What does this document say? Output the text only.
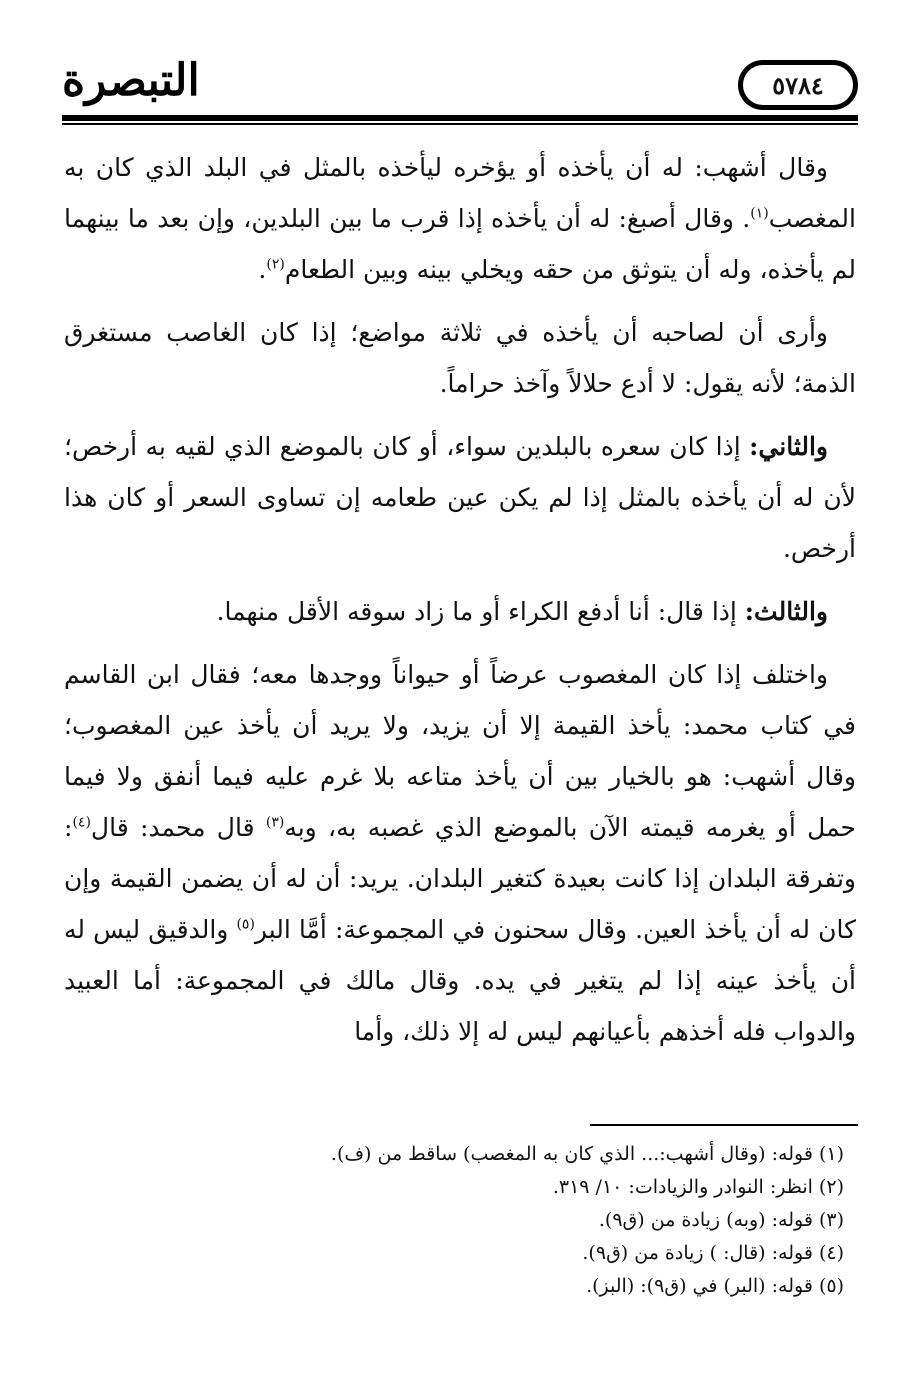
التبصرة	٥٧٨٤

وقال أشهب: له أن يأخذه أو يؤخره ليأخذه بالمثل في البلد الذي كان به المغصب$^{(١)}$. وقال أصبغ: له أن يأخذه إذا قرب ما بين البلدين، وإن بعد ما بينهما لم يأخذه، وله أن يتوثق من حقه ويخلي بينه وبين الطعام$^{(٢)}$.

وأرى أن لصاحبه أن يأخذه في ثلاثة مواضع؛ إذا كان الغاصب مستغرق الذمة؛ لأنه يقول: لا أدع حلالاً وآخذ حراماً.

والثاني: إذا كان سعره بالبلدين سواء، أو كان بالموضع الذي لقيه به أرخص؛ لأن له أن يأخذه بالمثل إذا لم يكن عين طعامه إن تساوى السعر أو كان هذا أرخص.

والثالث: إذا قال: أنا أدفع الكراء أو ما زاد سوقه الأقل منهما.

واختلف إذا كان المغصوب عرضاً أو حيواناً ووجدها معه؛ فقال ابن القاسم في كتاب محمد: يأخذ القيمة إلا أن يزيد، ولا يريد أن يأخذ عين المغصوب؛ وقال أشهب: هو بالخيار بين أن يأخذ متاعه بلا غرم عليه فيما أنفق ولا فيما حمل أو يغرمه قيمته الآن بالموضع الذي غصبه به، وبه$^{(٣)}$ قال محمد: قال$^{(٤)}$: وتفرقة البلدان إذا كانت بعيدة كتغير البلدان. يريد: أن له أن يضمن القيمة وإن كان له أن يأخذ العين. وقال سحنون في المجموعة: أمَّا البر$^{(٥)}$ والدقيق ليس له أن يأخذ عينه إذا لم يتغير في يده. وقال مالك في المجموعة: أما العبيد والدواب فله أخذهم بأعيانهم ليس له إلا ذلك، وأما

(١) قوله: (وقال أشهب:... الذي كان به المغصب) ساقط من (ف).

(٢) انظر: النوادر والزيادات: ١٠/ ٣١٩.

(٣) قوله: (وبه) زيادة من (ق٩).

(٤) قوله: (قال: ) زيادة من (ق٩).

(٥) قوله: (البر) في (ق٩): (البز).
